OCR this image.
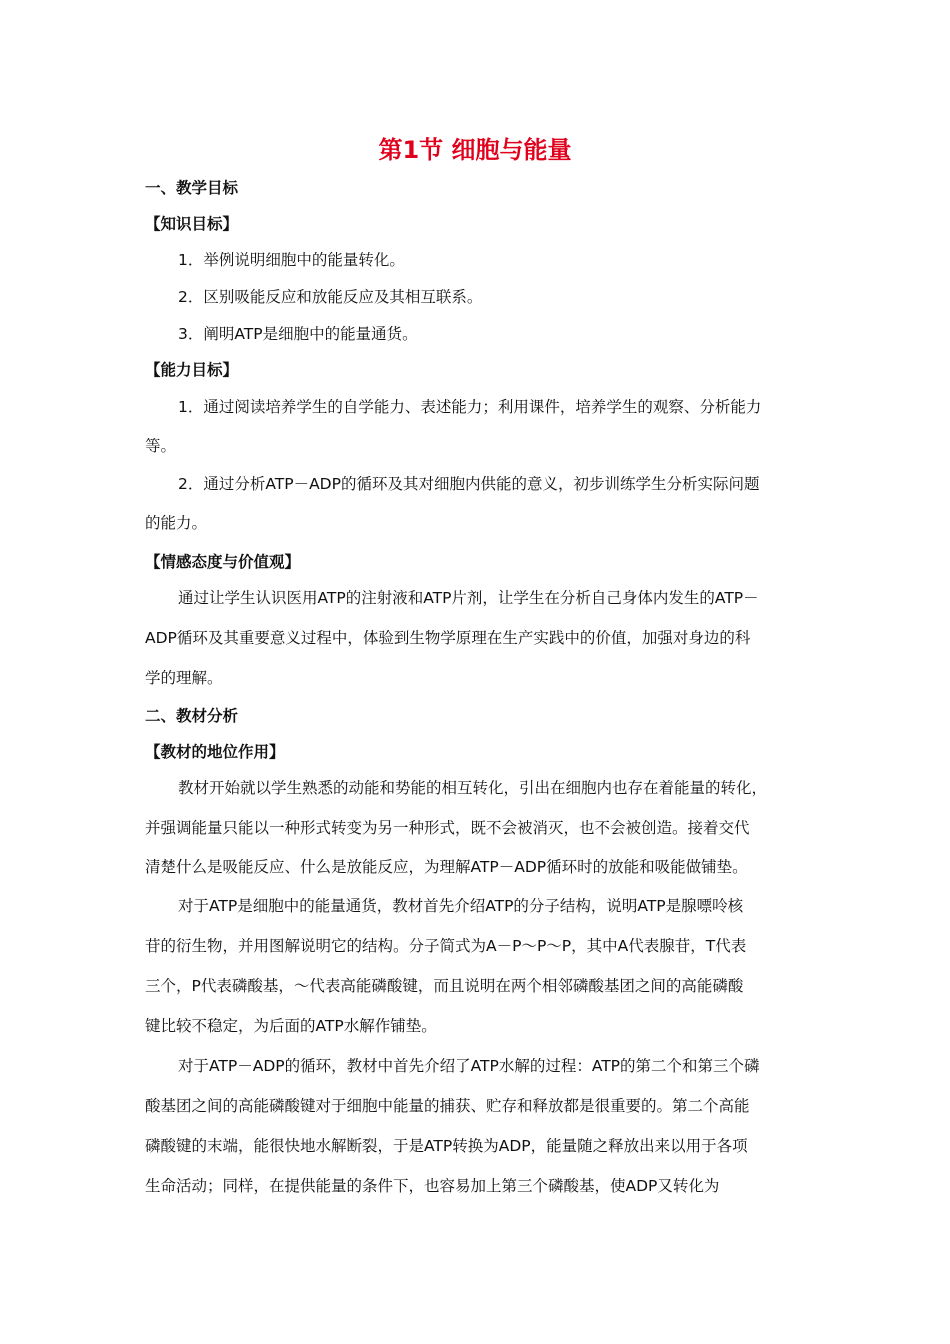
第1节 细胞与能量
一、教学目标
【知识目标】
1．举例说明细胞中的能量转化。
2．区别吸能反应和放能反应及其相互联系。
3．阐明ATP是细胞中的能量通货。
【能力目标】
1．通过阅读培养学生的自学能力、表述能力；利用课件，培养学生的观察、分析能力
等。
2．通过分析ATP－ADP的循环及其对细胞内供能的意义，初步训练学生分析实际问题
的能力。
【情感态度与价值观】
通过让学生认识医用ATP的注射液和ATP片剂，让学生在分析自己身体内发生的ATP－
ADP循环及其重要意义过程中，体验到生物学原理在生产实践中的价值，加强对身边的科
学的理解。
二、教材分析
【教材的地位作用】
教材开始就以学生熟悉的动能和势能的相互转化，引出在细胞内也存在着能量的转化，
并强调能量只能以一种形式转变为另一种形式，既不会被消灭，也不会被创造。接着交代
清楚什么是吸能反应、什么是放能反应，为理解ATP－ADP循环时的放能和吸能做铺垫。
对于ATP是细胞中的能量通货，教材首先介绍ATP的分子结构，说明ATP是腺嘌呤核
苷的衍生物，并用图解说明它的结构。分子简式为A－P～P～P，其中A代表腺苷，T代表
三个，P代表磷酸基，～代表高能磷酸键，而且说明在两个相邻磷酸基团之间的高能磷酸
键比较不稳定，为后面的ATP水解作铺垫。
对于ATP－ADP的循环，教材中首先介绍了ATP水解的过程：ATP的第二个和第三个磷
酸基团之间的高能磷酸键对于细胞中能量的捕获、贮存和释放都是很重要的。第二个高能
磷酸键的末端，能很快地水解断裂，于是ATP转换为ADP，能量随之释放出来以用于各项
生命活动；同样，在提供能量的条件下，也容易加上第三个磷酸基，使ADP又转化为
